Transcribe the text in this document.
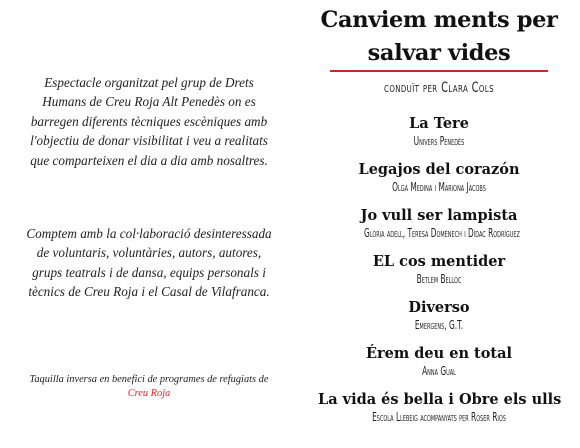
Espectacle organitzat pel grup de Drets Humans de Creu Roja Alt Penedès on es barregen diferents tècniques escèniques amb l'objectiu de donar visibilitat i veu a realitats que comparteixen el dia a dia amb nosaltres.

Comptem amb la col·laboració desinteressada de voluntaris, voluntàries, autors, autores, grups teatrals i de dansa, equips personals i tècnics de Creu Roja i el Casal de Vilafranca.

Taquilla inversa en benefici de programes de refugiats de Creu Roja

Canviem ments per salvar vides
conduït per Clara Cols
La Tere
Univers Penedès
Legajos del corazón
Olga Medina i Mariona Jacobs
Jo vull ser lampista
Glòria adell, Teresa Domènech i Dídac Rodríguez
EL cos mentider
Betlem Belloc
Diverso
Emergens, G.T.
Érem deu en total
Anna Gual
La vida és bella i Obre els ulls
Escola Llebeig acompanyats per Roser Rios
